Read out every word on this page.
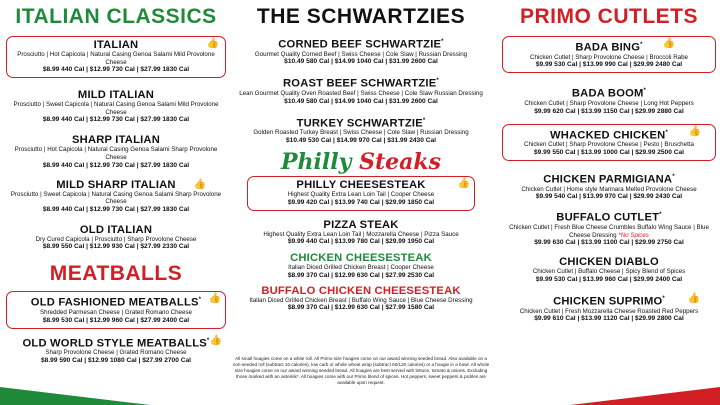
ITALIAN CLASSICS
ITALIAN	👍
Prosciutto | Hot Capicola | Natural Casing Genoa Salami Mild Provolone Cheese
$8.99 440 Cal | $12.99 730 Cal | $27.99 1830 Cal
MILD ITALIAN
Prosciutto | Sweet Capicola | Natural Casing Genoa Salami Mild Provolone Cheese
$8.99 440 Cal | $12.99 730 Cal | $27.99 1830 Cal
SHARP ITALIAN
Prosciutto | Hot Capicola | Natural Casing Genoa Salami Sharp Provolone Cheese
$8.99 440 Cal | $12.99 730 Cal | $27.99 1830 Cal
MILD SHARP ITALIAN	👍
Prosciutto | Sweet Capicola | Natural Casing Genoa Salami Sharp Provolone Cheese
$8.99 440 Cal | $12.99 730 Cal | $27.99 1830 Cal
OLD ITALIAN
Dry Cured Capicola | Prosciutto | Sharp Provolone Cheese
$8.99 550 Cal | $12.99 930 Cal | $27.99 2330 Cal
MEATBALLS
OLD FASHIONED MEATBALLS* 👍
Shredded Parmesan Cheese | Grated Romano Cheese
$8.99 530 Cal | $12.99 960 Cal | $27.99 2400 Cal
OLD WORLD STYLE MEATBALLS* 👍
Sharp Provolone Cheese | Grated Romano Cheese
$8.99 590 Cal | $12.99 1080 Cal | $27.99 2700 Cal
THE SCHWARTZIES
CORNED BEEF SCHWARTZIE*
Gourmet Quality Corned Beef | Swiss Cheese | Cole Slaw | Russian Dressing
$10.49 580 Cal | $14.99 1040 Cal | $31.99 2600 Cal
ROAST BEEF SCHWARTZIE*
Lean Gourmet Quality Oven Roasted Beef | Swiss Cheese | Cole Slaw Russian Dressing
$10.49 580 Cal | $14.99 1040 Cal | $31.99 2600 Cal
TURKEY SCHWARTZIE*
Golden Roasted Turkey Breast | Swiss Cheese | Cole Slaw | Russian Dressing
$10.49 530 Cal | $14.99 970 Cal | $31.99 2430 Cal
Philly Steaks
PHILLY CHEESESTEAK	👍
Highest Quality Extra Lean Loin Tail | Cooper Cheese
$9.99 420 Cal | $13.99 740 Cal | $29.99 1850 Cal
PIZZA STEAK
Highest Quality Extra Lean Loin Tail | Mozzarella Cheese | Pizza Sauce
$9.99 440 Cal | $13.99 780 Cal | $29.99 1950 Cal
CHICKEN CHEESESTEAK
Italian Diced Grilled Chicken Breast | Cooper Cheese
$8.99 370 Cal | $12.99 630 Cal | $27.99 2530 Cal
BUFFALO CHICKEN CHEESESTEAK
Italian Diced Grilled Chicken Breast | Buffalo Wing Sauce | Blue Cheese Dressing
$8.99 370 Cal | $12.99 630 Cal | $27.99 1580 Cal
All small hoagies come on a white roll. All Primo size hoagies come on our award winning seeded bread. Also available on a non-seeded roll (subtract 10 calories), low carb or whole wheat wrap (subtract 60/120 calories) or a hoagie in a bowl. All whole size hoagies come on our award winning seeded bread. All hoagies are best served with lettuce, tomato & onions. Excluding those marked with an asterisk*. All hoagies come with our Primo blend of spices. Hot peppers, sweet peppers & pickles are available upon request.
PRIMO CUTLETS
BADA BING*	👍
Chicken Cutlet | Sharp Provolone Cheese | Broccoli Rabe
$9.99 530 Cal | $13.99 990 Cal | $29.99 2480 Cal
BADA BOOM*
Chicken Cutlet | Sharp Provolone Cheese | Long Hot Peppers
$9.99 620 Cal | $13.99 1150 Cal | $29.99 2880 Cal
WHACKED CHICKEN*	👍
Chicken Cutlet | Sharp Provolone Cheese | Pesto | Bruschetta
$9.99 550 Cal | $13.99 1000 Cal | $29.99 2500 Cal
CHICKEN PARMIGIANA*
Chicken Cutlet | Home style Marinara Melted Provolone Cheese
$9.99 540 Cal | $13.99 970 Cal | $29.99 2430 Cal
BUFFALO CUTLET*
Chicken Cutlet | Fresh Blue Cheese Crumbles Buffalo Wing Sauce | Blue Cheese Dressing *No Spices
$9.99 630 Cal | $13.99 1100 Cal | $29.99 2750 Cal
CHICKEN DIABLO
Chicken Cutlet | Buffalo Cheese | Spicy Blend of Spices
$9.99 530 Cal | $13.99 960 Cal | $29.99 2400 Cal
CHICKEN SUPRIMO*	👍
Chicken Cutlet | Fresh Mozzarella Cheese Roasted Red Peppers
$9.99 610 Cal | $13.99 1120 Cal | $29.99 2800 Cal
